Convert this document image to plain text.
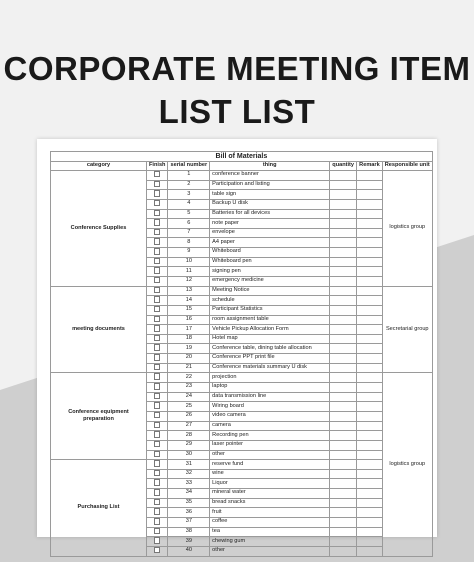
CORPORATE MEETING ITEM
LIST LIST
Bill of Materials						
category	Finish	serial number	thing	quantity	Remark	Responsible unit
Conference Supplies		1	conference banner			logistics group
		2	Participation and listing			
		3	table sign			
		4	Backup U disk			
		5	Batteries for all devices			
		6	note paper			
		7	envelope			
		8	A4 paper			
		9	Whiteboard			
		10	Whiteboard pen			
		11	signing pen			
		12	emergency medicine			
meeting documents		13	Meeting Notice			Secretarial group
		14	schedule			
		15	Participant Statistics			
		16	room assignment table			
		17	Vehicle Pickup Allocation Form			
		18	Hotel map			
		19	Conference table, dining table allocation			
		20	Conference PPT print file			
		21	Conference materials summary U disk			
Conference equipment preparation		22	projection			logistics group
		23	laptop			
		24	data transmission line			
		25	Wiring board			
		26	video camera			
		27	camera			
		28	Recording pen			
		29	laser pointer			
		30	other			
Purchasing List		31	reserve fund			
		32	wine			
		33	Liquor			
		34	mineral water			
		35	bread snacks			
		36	fruit			
		37	coffee			
		38	tea			
		39	chewing gum			
		40	other			
